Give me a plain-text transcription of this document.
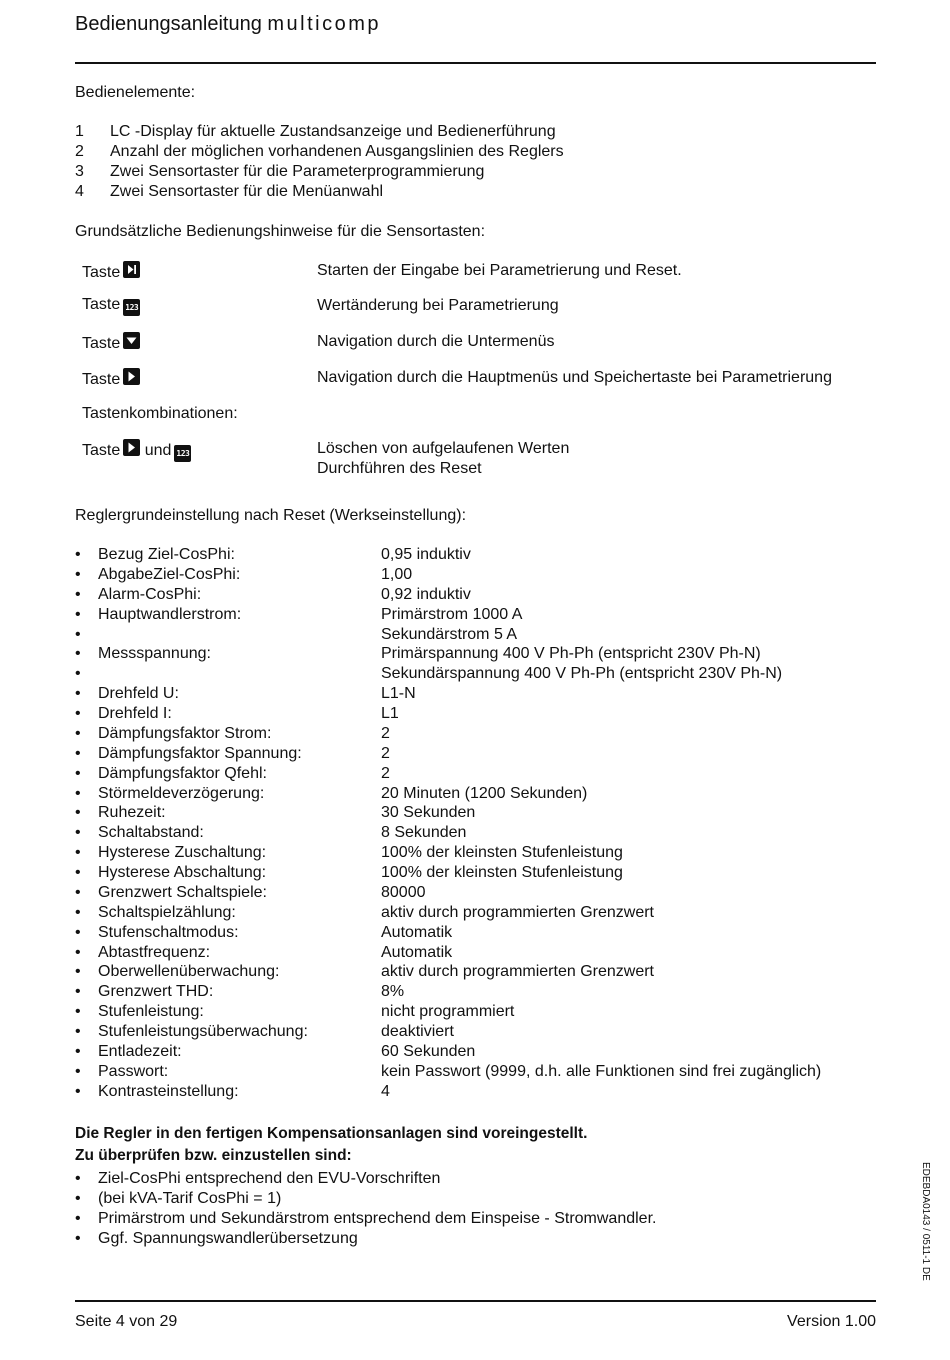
Bedienungsanleitung multicomp
Bedienelemente:
1 LC -Display für aktuelle Zustandsanzeige und Bedienerführung
2 Anzahl der möglichen vorhandenen Ausgangslinien des Reglers
3 Zwei Sensortaster für die Parameterprogrammierung
4 Zwei Sensortaster für die Menüanwahl
Grundsätzliche Bedienungshinweise für die Sensortasten:
Taste	Starten der Eingabe bei Parametrierung und Reset.
Taste 123	Wertänderung bei Parametrierung
Taste	Navigation durch die Untermenüs
Taste	Navigation durch die Hauptmenüs und Speichertaste bei Parametrierung
Tastenkombinationen:
Taste und 123	Löschen von aufgelaufenen Werten
Durchführen des Reset
Reglergrundeinstellung nach Reset (Werkseinstellung):
• Bezug Ziel-CosPhi:	0,95 induktiv
• AbgabeZiel-CosPhi:	1,00
• Alarm-CosPhi:	0,92 induktiv
• Hauptwandlerstrom:	Primärstrom 1000 A
•	Sekundärstrom 5 A
• Messspannung:	Primärspannung 400 V Ph-Ph (entspricht 230V Ph-N)
•	Sekundärspannung 400 V Ph-Ph (entspricht 230V Ph-N)
• Drehfeld U:	L1-N
• Drehfeld I:	L1
• Dämpfungsfaktor Strom:	2
• Dämpfungsfaktor Spannung:	2
• Dämpfungsfaktor Qfehl:	2
• Störmeldeverzögerung:	20 Minuten (1200 Sekunden)
• Ruhezeit:	30 Sekunden
• Schaltabstand:	8 Sekunden
• Hysterese Zuschaltung:	100% der kleinsten Stufenleistung
• Hysterese Abschaltung:	100% der kleinsten Stufenleistung
• Grenzwert Schaltspiele:	80000
• Schaltspielzählung:	aktiv durch programmierten Grenzwert
• Stufenschaltmodus:	Automatik
• Abtastfrequenz:	Automatik
• Oberwellenüberwachung:	aktiv durch programmierten Grenzwert
• Grenzwert THD:	8%
• Stufenleistung:	nicht programmiert
• Stufenleistungsüberwachung:	deaktiviert
• Entladezeit:	60 Sekunden
• Passwort:	kein Passwort (9999, d.h. alle Funktionen sind frei zugänglich)
• Kontrasteinstellung:	4
Die Regler in den fertigen Kompensationsanlagen sind voreingestellt.
Zu überprüfen bzw. einzustellen sind:
• Ziel-CosPhi entsprechend den EVU-Vorschriften
• (bei kVA-Tarif CosPhi = 1)
• Primärstrom und Sekundärstrom entsprechend dem Einspeise - Stromwandler.
• Ggf. Spannungswandlerübersetzung
Seite 4 von 29	Version 1.00
EDEBDA0143 / 0511-1 DE
